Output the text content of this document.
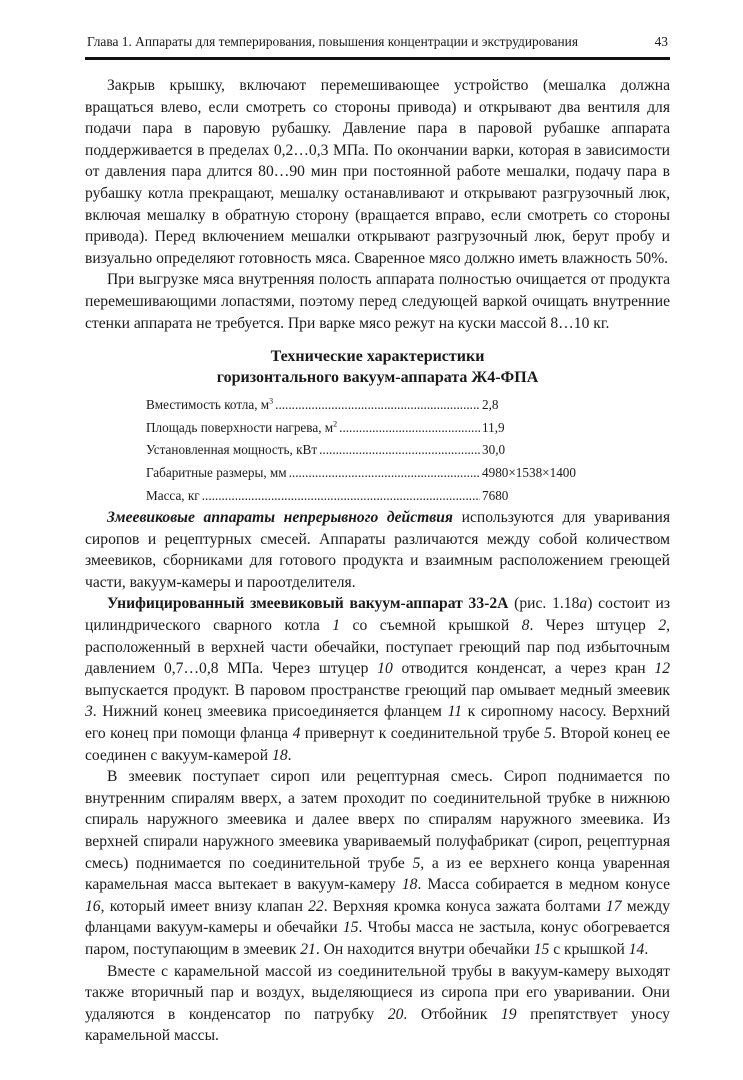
Глава 1. Аппараты для темперирования, повышения концентрации и экструдирования	43

Закрыв крышку, включают перемешивающее устройство (мешалка должна вращаться влево, если смотреть со стороны привода) и открывают два вентиля для подачи пара в паровую рубашку. Давление пара в паровой рубашке аппарата поддерживается в пределах 0,2…0,3 МПа. По окончании варки, которая в зависимости от давления пара длится 80…90 мин при постоянной работе мешалки, подачу пара в рубашку котла прекращают, мешалку останавливают и открывают разгрузочный люк, включая мешалку в обратную сторону (вращается вправо, если смотреть со стороны привода). Перед включением мешалки открывают разгрузочный люк, берут пробу и визуально определяют готовность мяса. Сваренное мясо должно иметь влажность 50%.

При выгрузке мяса внутренняя полость аппарата полностью очищается от продукта перемешивающими лопастями, поэтому перед следующей варкой очищать внутренние стенки аппарата не требуется. При варке мясо режут на куски массой 8…10 кг.

Технические характеристики
горизонтального вакуум-аппарата Ж4-ФПА
Вместимость котла, $м^3$ .....	2,8
Площадь поверхности нагрева, $м^2$ .....	11,9
Установленная мощность, кВт .....	30,0
Габаритные размеры, мм .....	4980×1538×1400
Масса, кг .....	7680

Змеевиковые аппараты непрерывного действия используются для уваривания сиропов и рецептурных смесей. Аппараты различаются между собой количеством змеевиков, сборниками для готового продукта и взаимным расположением греющей части, вакуум-камеры и пароотделителя.

Унифицированный змеевиковый вакуум-аппарат 33-2А (рис. 1.18а) состоит из цилиндрического сварного котла 1 со съемной крышкой 8. Через штуцер 2, расположенный в верхней части обечайки, поступает греющий пар под избыточным давлением 0,7…0,8 МПа. Через штуцер 10 отводится конденсат, а через кран 12 выпускается продукт. В паровом пространстве греющий пар омывает медный змеевик 3. Нижний конец змеевика присоединяется фланцем 11 к сиропному насосу. Верхний его конец при помощи фланца 4 привернут к соединительной трубе 5. Второй конец ее соединен с вакуум-камерой 18.

В змеевик поступает сироп или рецептурная смесь. Сироп поднимается по внутренним спиралям вверх, а затем проходит по соединительной трубке в нижнюю спираль наружного змеевика и далее вверх по спиралям наружного змеевика. Из верхней спирали наружного змеевика увариваемый полуфабрикат (сироп, рецептурная смесь) поднимается по соединительной трубе 5, а из ее верхнего конца уваренная карамельная масса вытекает в вакуум-камеру 18. Масса собирается в медном конусе 16, который имеет внизу клапан 22. Верхняя кромка конуса зажата болтами 17 между фланцами вакуум-камеры и обечайки 15. Чтобы масса не застыла, конус обогревается паром, поступающим в змеевик 21. Он находится внутри обечайки 15 с крышкой 14.

Вместе с карамельной массой из соединительной трубы в вакуум-камеру выходят также вторичный пар и воздух, выделяющиеся из сиропа при его уваривании. Они удаляются в конденсатор по патрубку 20. Отбойник 19 препятствует уносу карамельной массы.
